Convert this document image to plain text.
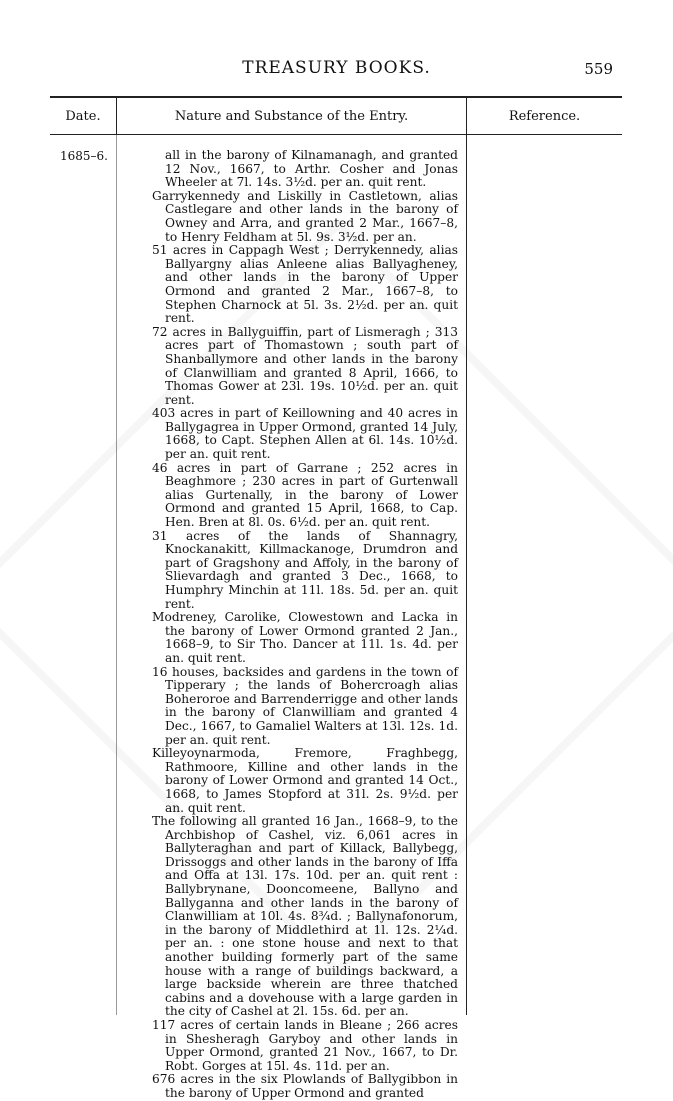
TREASURY BOOKS.	559
Date.	Nature and Substance of the Entry.	Reference.
1685–6.	all in the barony of Kilnamanagh, and granted 12 Nov., 1667, to Arthr. Cosher and Jonas Wheeler at 7l. 14s. 3½d. per an. quit rent.

Garrykennedy and Liskilly in Castletown, alias Castlegare and other lands in the barony of Owney and Arra, and granted 2 Mar., 1667–8, to Henry Feldham at 5l. 9s. 3½d. per an.

51 acres in Cappagh West ; Derrykennedy, alias Ballyargny alias Anleene alias Ballyagheney, and other lands in the barony of Upper Ormond and granted 2 Mar., 1667–8, to Stephen Charnock at 5l. 3s. 2½d. per an. quit rent.

72 acres in Ballyguiffin, part of Lismeragh ; 313 acres part of Thomastown ; south part of Shanballymore and other lands in the barony of Clanwilliam and granted 8 April, 1666, to Thomas Gower at 23l. 19s. 10½d. per an. quit rent.

403 acres in part of Keillowning and 40 acres in Ballygagrea in Upper Ormond, granted 14 July, 1668, to Capt. Stephen Allen at 6l. 14s. 10½d. per an. quit rent.

46 acres in part of Garrane ; 252 acres in Beaghmore ; 230 acres in part of Gurtenwall alias Gurtenally, in the barony of Lower Ormond and granted 15 April, 1668, to Cap. Hen. Bren at 8l. 0s. 6½d. per an. quit rent.

31 acres of the lands of Shannagry, Knockanakitt, Killmackanoge, Drumdron and part of Gragshony and Affoly, in the barony of Slievardagh and granted 3 Dec., 1668, to Humphry Minchin at 11l. 18s. 5d. per an. quit rent.

Modreney, Carolike, Clowestown and Lacka in the barony of Lower Ormond granted 2 Jan., 1668–9, to Sir Tho. Dancer at 11l. 1s. 4d. per an. quit rent.

16 houses, backsides and gardens in the town of Tipperary ; the lands of Bohercroagh alias Boheroroe and Barrenderrigge and other lands in the barony of Clanwilliam and granted 4 Dec., 1667, to Gamaliel Walters at 13l. 12s. 1d. per an. quit rent.

Killeyoynarmoda, Fremore, Fraghbegg, Rathmoore, Killine and other lands in the barony of Lower Ormond and granted 14 Oct., 1668, to James Stopford at 31l. 2s. 9½d. per an. quit rent.

The following all granted 16 Jan., 1668–9, to the Archbishop of Cashel, viz. 6,061 acres in Ballyteraghan and part of Killack, Ballybegg, Drissoggs and other lands in the barony of Iffa and Offa at 13l. 17s. 10d. per an. quit rent : Ballybrynane, Dooncomeene, Ballyno and Ballyganna and other lands in the barony of Clanwilliam at 10l. 4s. 8¾d. ; Ballynafonorum, in the barony of Middlethird at 1l. 12s. 2¼d. per an. : one stone house and next to that another building formerly part of the same house with a range of buildings backward, a large backside wherein are three thatched cabins and a dovehouse with a large garden in the city of Cashel at 2l. 15s. 6d. per an.

117 acres of certain lands in Bleane ; 266 acres in Shesheragh Garyboy and other lands in Upper Ormond, granted 21 Nov., 1667, to Dr. Robt. Gorges at 15l. 4s. 11d. per an.

676 acres in the six Plowlands of Ballygibbon in the barony of Upper Ormond and granted
